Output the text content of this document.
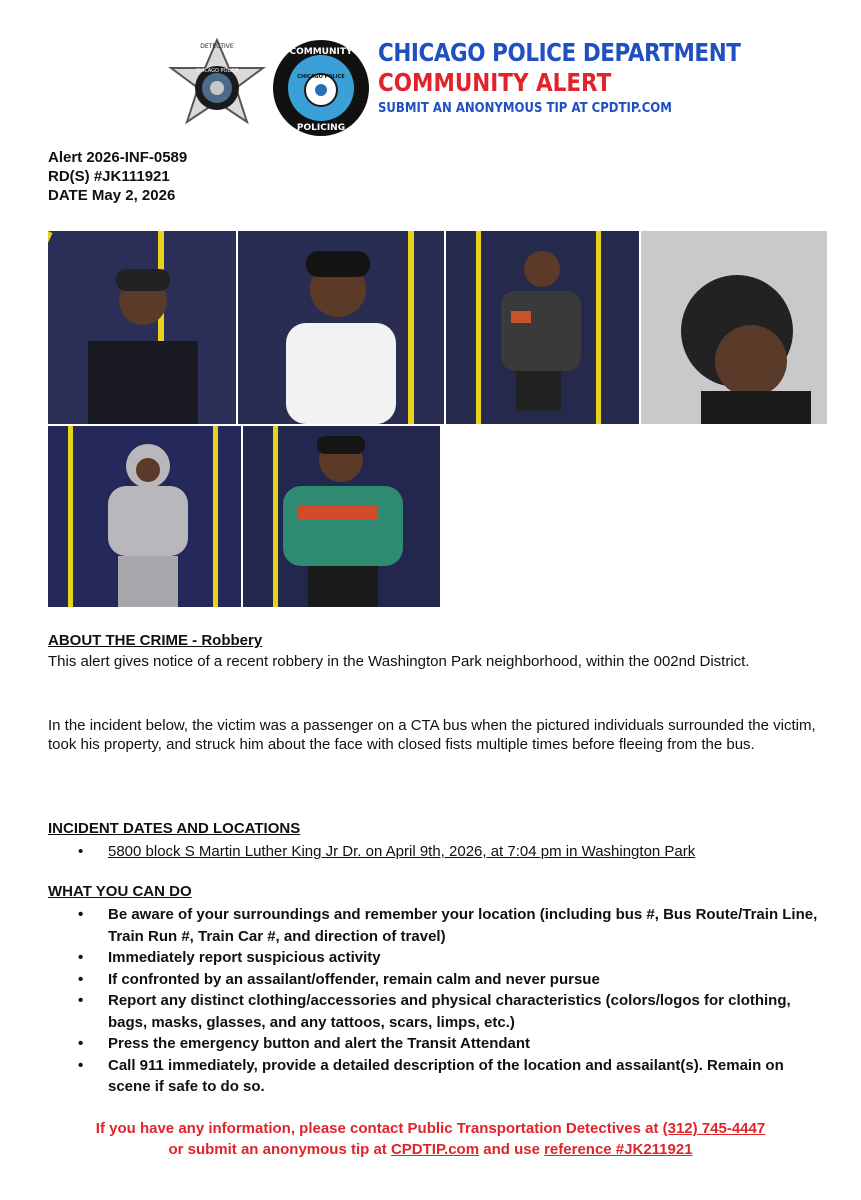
DETECTIVE
CHICAGO POLICE
COMMUNITY
CHICAGO POLICE
POLICING
CHICAGO POLICE DEPARTMENT
COMMUNITY ALERT
SUBMIT AN ANONYMOUS TIP AT CPDTIP.COM
Alert 2026-INF-0589
RD(S) #JK111921
DATE May 2, 2026
ABOUT THE CRIME - Robbery
This alert gives notice of a recent robbery in the Washington Park neighborhood, within the 002nd District.
In the incident below, the victim was a passenger on a CTA bus when the pictured individuals surrounded the victim, took his property, and struck him about the face with closed fists multiple times before fleeing from the bus.
INCIDENT DATES AND LOCATIONS
• 5800 block S Martin Luther King Jr Dr. on April 9th, 2026, at 7:04 pm in Washington Park
WHAT YOU CAN DO
• Be aware of your surroundings and remember your location (including bus #, Bus Route/Train Line, Train Run #, Train Car #, and direction of travel)
• Immediately report suspicious activity
• If confronted by an assailant/offender, remain calm and never pursue
• Report any distinct clothing/accessories and physical characteristics (colors/logos for clothing, bags, masks, glasses, and any tattoos, scars, limps, etc.)
• Press the emergency button and alert the Transit Attendant
• Call 911 immediately, provide a detailed description of the location and assailant(s). Remain on scene if safe to do so.
If you have any information, please contact Public Transportation Detectives at (312) 745-4447
or submit an anonymous tip at CPDTIP.com and use reference #JK211921
